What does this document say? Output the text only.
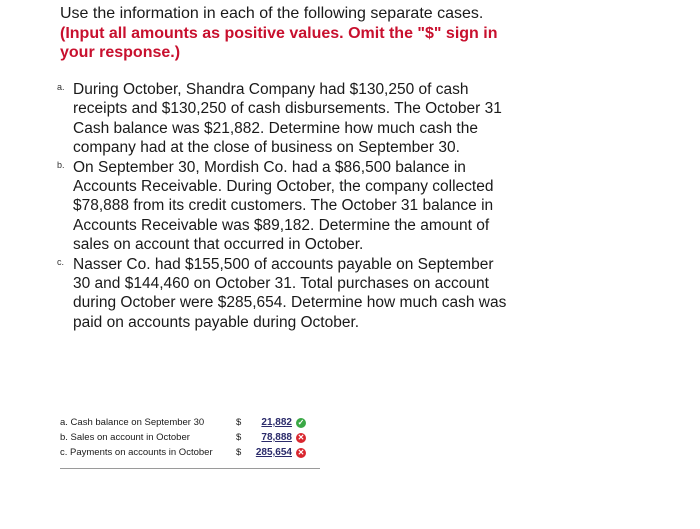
Use the information in each of the following separate cases.
(Input all amounts as positive values. Omit the "$" sign in your response.)
a. During October, Shandra Company had $130,250 of cash receipts and $130,250 of cash disbursements. The October 31 Cash balance was $21,882. Determine how much cash the company had at the close of business on September 30.
b. On September 30, Mordish Co. had a $86,500 balance in Accounts Receivable. During October, the company collected $78,888 from its credit customers. The October 31 balance in Accounts Receivable was $89,182. Determine the amount of sales on account that occurred in October.
c. Nasser Co. had $155,500 of accounts payable on September 30 and $144,460 on October 31. Total purchases on account during October were $285,654. Determine how much cash was paid on accounts payable during October.
a. Cash balance on September 30	$	21,882 ✓
b. Sales on account in October	$	78,888 ✕
c. Payments on accounts in October	$	285,654 ✕
